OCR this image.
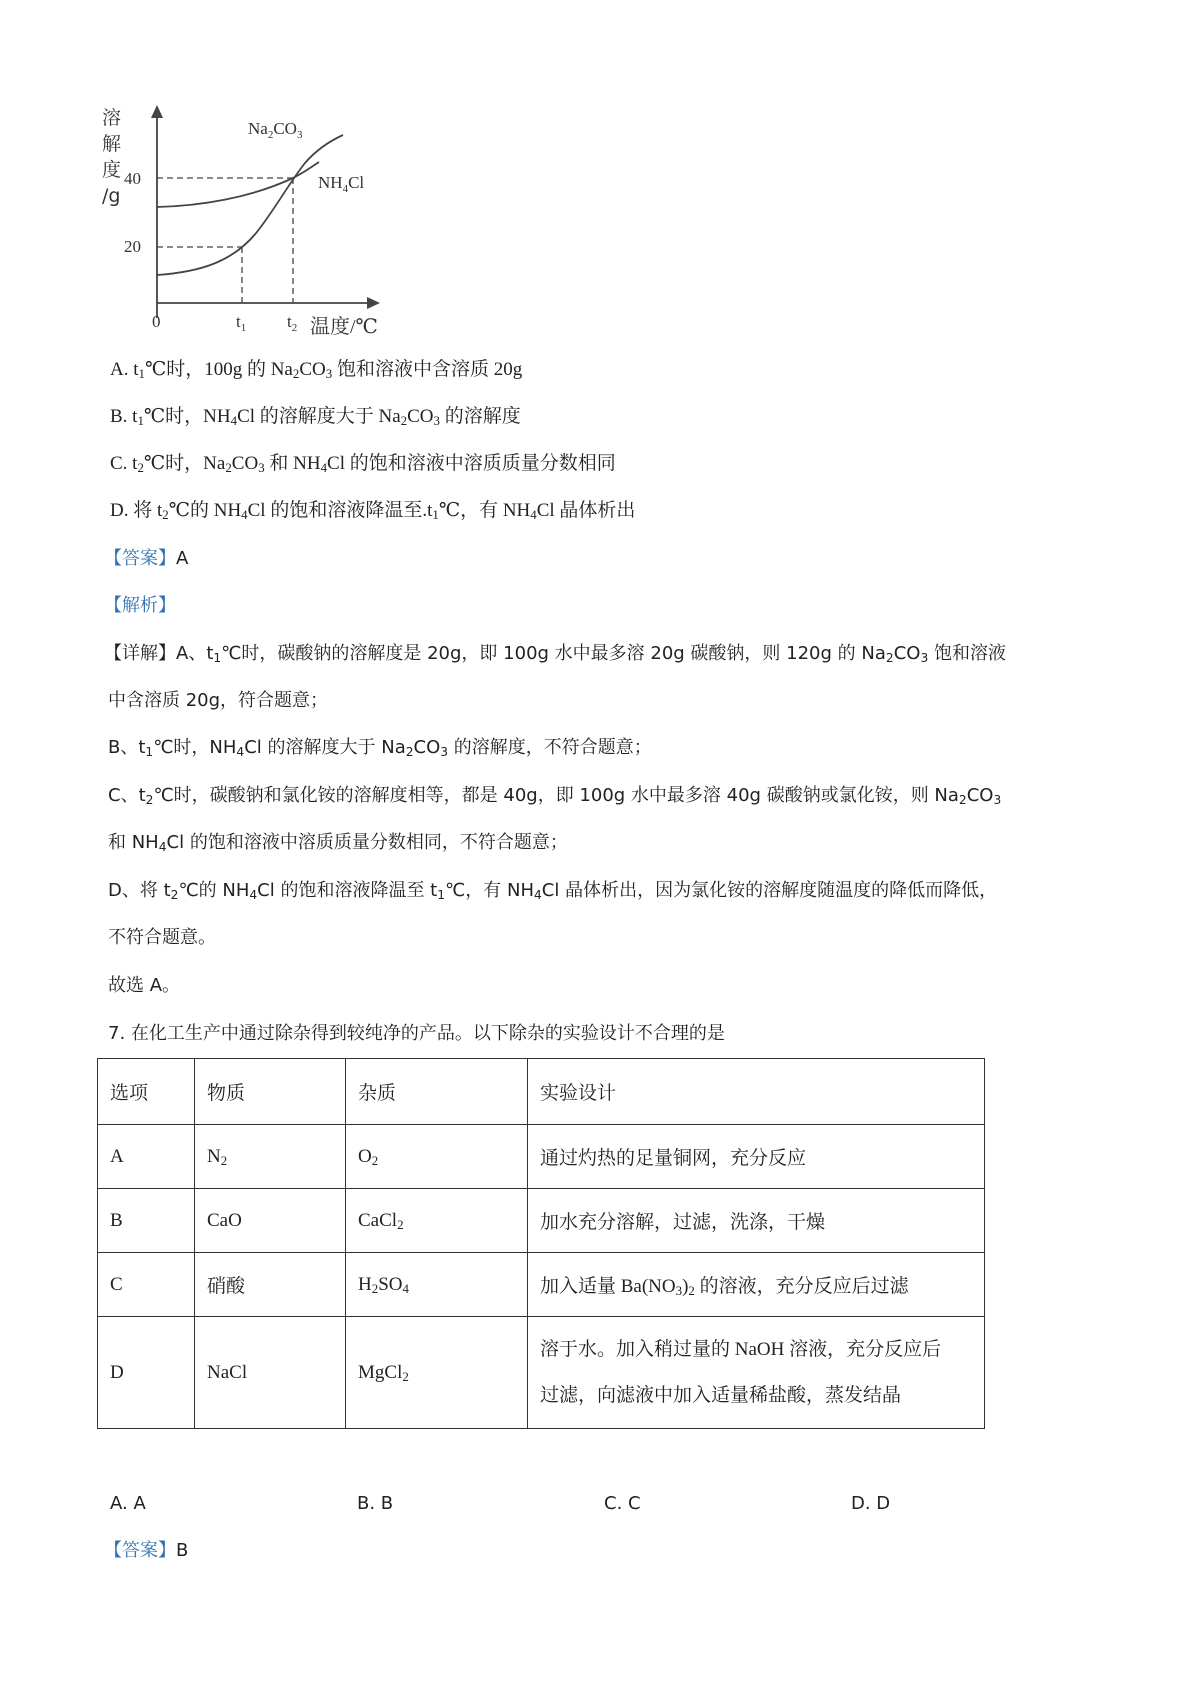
溶
解
度
/g
40
20
0	$t_1$ $t_2$ 温度/℃
$Na_2CO_3$
$NH_4Cl$
A. $t_1℃$时，100g 的 $Na_2CO_3$ 饱和溶液中含溶质 20g
B. $t_1℃$时，$NH_4Cl$ 的溶解度大于 $Na_2CO_3$ 的溶解度
C. $t_2℃$时，$Na_2CO_3$ 和 $NH_4Cl$ 的饱和溶液中溶质质量分数相同
D. 将 $t_2℃$的 $NH_4Cl$ 的饱和溶液降温至$.t_1℃$，有 $NH_4Cl$ 晶体析出
【答案】A
【解析】
【详解】A、$t_1℃$时，碳酸钠的溶解度是 20g，即 100g 水中最多溶 20g 碳酸钠，则 120g 的 $Na_2CO_3$ 饱和溶液
中含溶质 20g，符合题意；
B、$t_1℃$时，$NH_4Cl$ 的溶解度大于 $Na_2CO_3$ 的溶解度，不符合题意；
C、$t_2℃$时，碳酸钠和氯化铵的溶解度相等，都是 40g，即 100g 水中最多溶 40g 碳酸钠或氯化铵，则 $Na_2CO_3$
和 $NH_4Cl$ 的饱和溶液中溶质质量分数相同，不符合题意；
D、将 $t_2℃$的 $NH_4Cl$ 的饱和溶液降温至 $t_1℃$，有 $NH_4Cl$ 晶体析出，因为氯化铵的溶解度随温度的降低而降低，
不符合题意。
故选 A。
7. 在化工生产中通过除杂得到较纯净的产品。以下除杂的实验设计不合理的是
选项	物质	杂质	实验设计
A	$N_2$	$O_2$	通过灼热的足量铜网，充分反应
B	CaO	CaCl$_2$	加水充分溶解，过滤，洗涤，干燥
C	硝酸	$H_2SO_4$	加入适量 $Ba(NO_3)_2$ 的溶液，充分反应后过滤
D	NaCl	MgCl$_2$	溶于水。加入稍过量的 NaOH 溶液，充分反应后
过滤，向滤液中加入适量稀盐酸，蒸发结晶
A. A	B. B	C. C	D. D
【答案】B
